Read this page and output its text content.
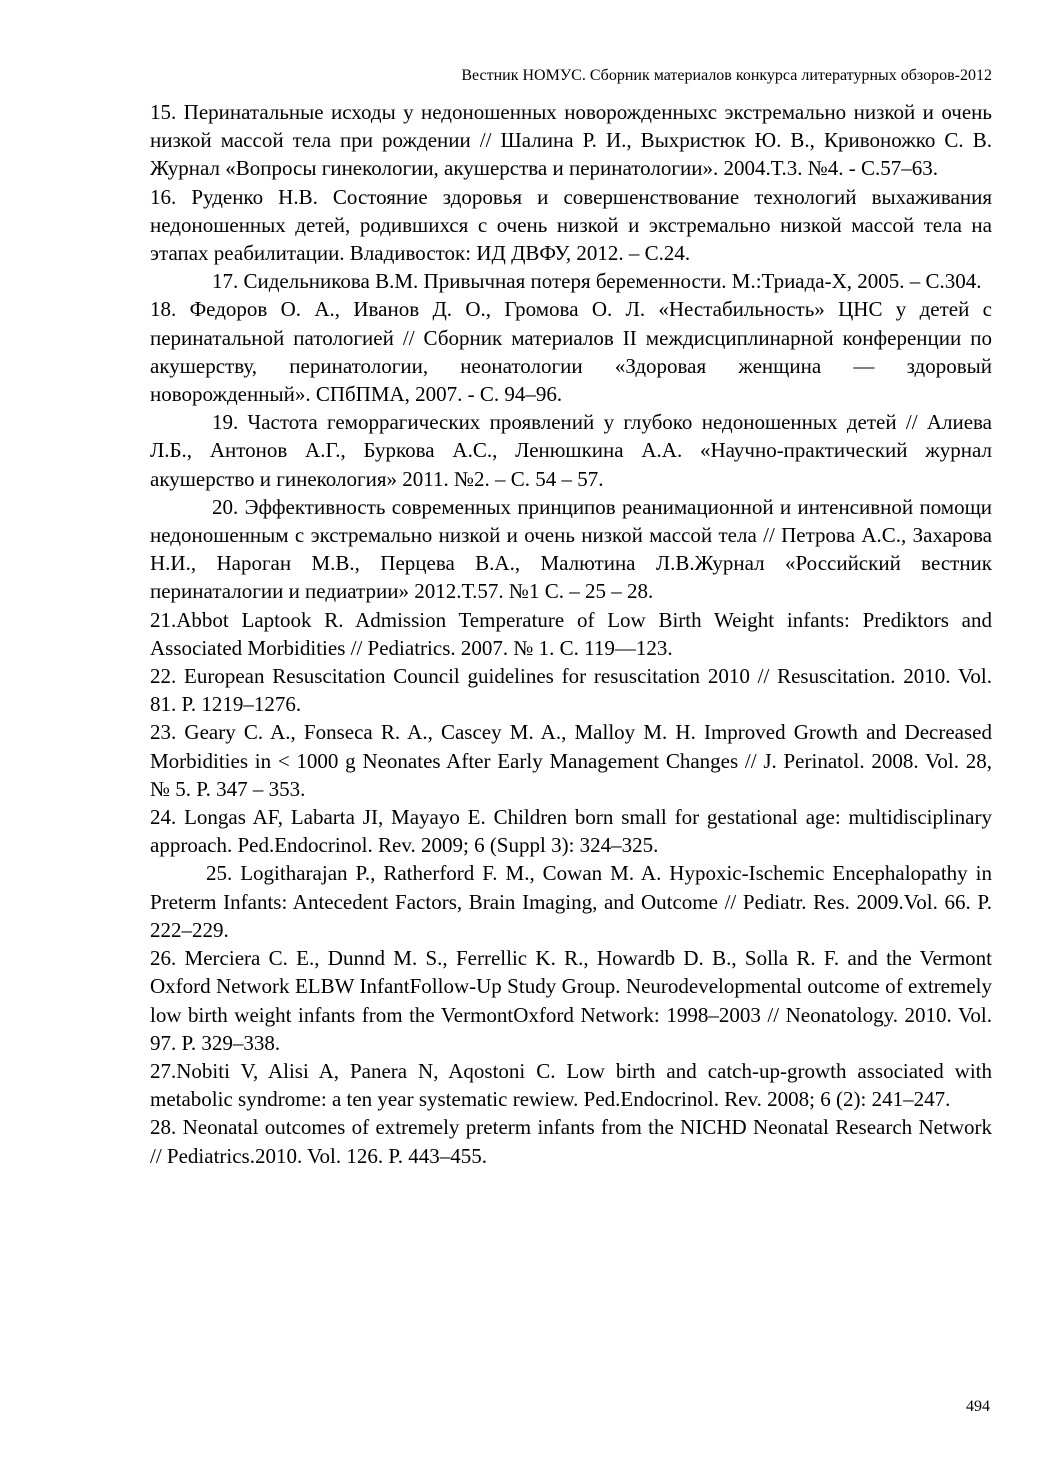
Вестник НОМУС. Сборник материалов конкурса литературных обзоров-2012
15. Перинатальные исходы у недоношенных новорожденныхс экстремально низкой и очень низкой массой тела при рождении // Шалина Р. И., Выхристюк Ю. В., Кривоножко С. В. Журнал «Вопросы гинекологии, акушерства и перинатологии». 2004.Т.3. №4. - С.57–63.
16. Руденко Н.В. Состояние здоровья и совершенствование технологий выхаживания недоношенных детей, родившихся с очень низкой и экстремально низкой массой тела на этапах реабилитации. Владивосток: ИД ДВФУ, 2012. – С.24.
17. Сидельникова В.М. Привычная потеря беременности. М.:Триада-Х, 2005. – С.304.
18. Федоров О. А., Иванов Д. О., Громова О. Л. «Нестабильность» ЦНС у детей с перинатальной патологией // Сборник материалов II междисциплинарной конференции по акушерству, перинатологии, неонатологии «Здоровая женщина — здоровый новорожденный». СПбПМА, 2007. - С. 94–96.
19. Частота геморрагических проявлений у глубоко недоношенных детей // Алиева Л.Б., Антонов А.Г., Буркова А.С., Ленюшкина А.А. «Научно-практический журнал акушерство и гинекология» 2011. №2. – С. 54 – 57.
20. Эффективность современных принципов реанимационной и интенсивной помощи недоношенным с экстремально низкой и очень низкой массой тела // Петрова А.С., Захарова Н.И., Нароган М.В., Перцева В.А., Малютина Л.В.Журнал «Российский вестник перинаталогии и педиатрии» 2012.Т.57. №1 С. – 25 – 28.
21.Abbot Laptook R. Admission Temperature of Low Birth Weight infants: Prediktors and Associated Morbidities // Pediatrics. 2007. № 1. С. 119—123.
22. European Resuscitation Council guidelines for resuscitation 2010 // Resuscitation. 2010. Vol. 81. P. 1219–1276.
23. Geary C. A., Fonseca R. A., Cascey M. A., Malloy M. H. Improved Growth and Decreased Morbidities in < 1000 g Neonates After Early Management Changes // J. Perinatol. 2008. Vol. 28, № 5. P. 347 – 353.
24. Longas AF, Labarta JI, Mayayo E. Children born small for gestational age: multidisciplinary approach. Ped.Endocrinol. Rev. 2009; 6 (Suppl 3): 324–325.
25. Logitharajan P., Ratherford F. M., Cowan M. A. Hypoxic-Ischemic Encephalopathy in Preterm Infants: Antecedent Factors, Brain Imaging, and Outcome // Pediatr. Res. 2009.Vol. 66. P. 222–229.
26. Merciera C. E., Dunnd M. S., Ferrellic K. R., Howardb D. B., Solla R. F. and the Vermont Oxford Network ELBW InfantFollow-Up Study Group. Neurodevelopmental outcome of extremely low birth weight infants from the VermontOxford Network: 1998–2003 // Neonatology. 2010. Vol. 97. P. 329–338.
27.Nobiti V, Alisi A, Panera N, Aqostoni C. Low birth and catch-up-growth associated with metabolic syndrome: a ten year systematic rewiew. Ped.Endocrinol. Rev. 2008; 6 (2): 241–247.
28. Neonatal outcomes of extremely preterm infants from the NICHD Neonatal Research Network // Pediatrics.2010. Vol. 126. P. 443–455.
494
